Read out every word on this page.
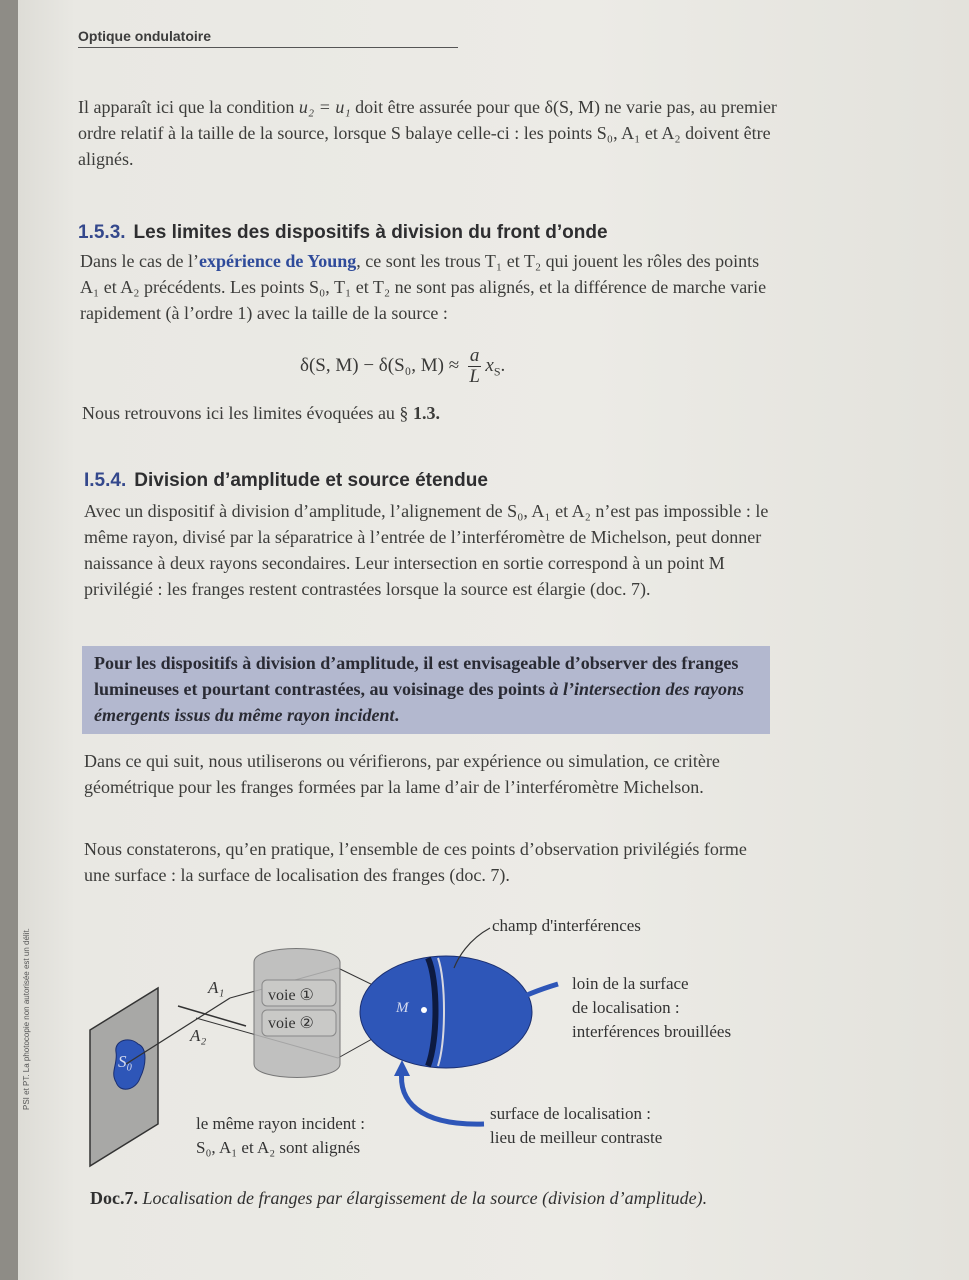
Optique ondulatoire
Il apparaît ici que la condition u₂ = u₁ doit être assurée pour que δ(S, M) ne varie pas, au premier ordre relatif à la taille de la source, lorsque S balaye celle-ci : les points S₀, A₁ et A₂ doivent être alignés.
1.5.3. Les limites des dispositifs à division du front d’onde
Dans le cas de l’expérience de Young, ce sont les trous T₁ et T₂ qui jouent les rôles des points A₁ et A₂ précédents. Les points S₀, T₁ et T₂ ne sont pas alignés, et la différence de marche varie rapidement (à l’ordre 1) avec la taille de la source :
δ(S, M) − δ(S₀, $M) \approx \frac{a}{L} x_S$.
Nous retrouvons ici les limites évoquées au § 1.3.
I.5.4. Division d’amplitude et source étendue
Avec un dispositif à division d’amplitude, l’alignement de S₀, A₁ et A₂ n’est pas impossible : le même rayon, divisé par la séparatrice à l’entrée de l’interféromètre de Michelson, peut donner naissance à deux rayons secondaires. Leur intersection en sortie correspond à un point M privilégié : les franges restent contrastées lorsque la source est élargie (doc. 7).
Pour les dispositifs à division d’amplitude, il est envisageable d’observer des franges lumineuses et pourtant contrastées, au voisinage des points à l’intersection des rayons émergents issus du même rayon incident.
Dans ce qui suit, nous utiliserons ou vérifierons, par expérience ou simulation, ce critère géométrique pour les franges formées par la lame d’air de l’interféromètre Michelson.
Nous constaterons, qu’en pratique, l’ensemble de ces points d’observation privilégiés forme une surface : la surface de localisation des franges (doc. 7).
champ d'interférences
loin de la surface
de localisation :
interférences brouillées
surface de localisation :
lieu de meilleur contraste
le même rayon incident :
S₀, A₁ et A₂ sont alignés
voie ①
voie ②
A₁
A₂
S₀
M
Doc.7. Localisation de franges par élargissement de la source (division d’amplitude).
PSI et PT. La photocopie non autorisée est un délit.
